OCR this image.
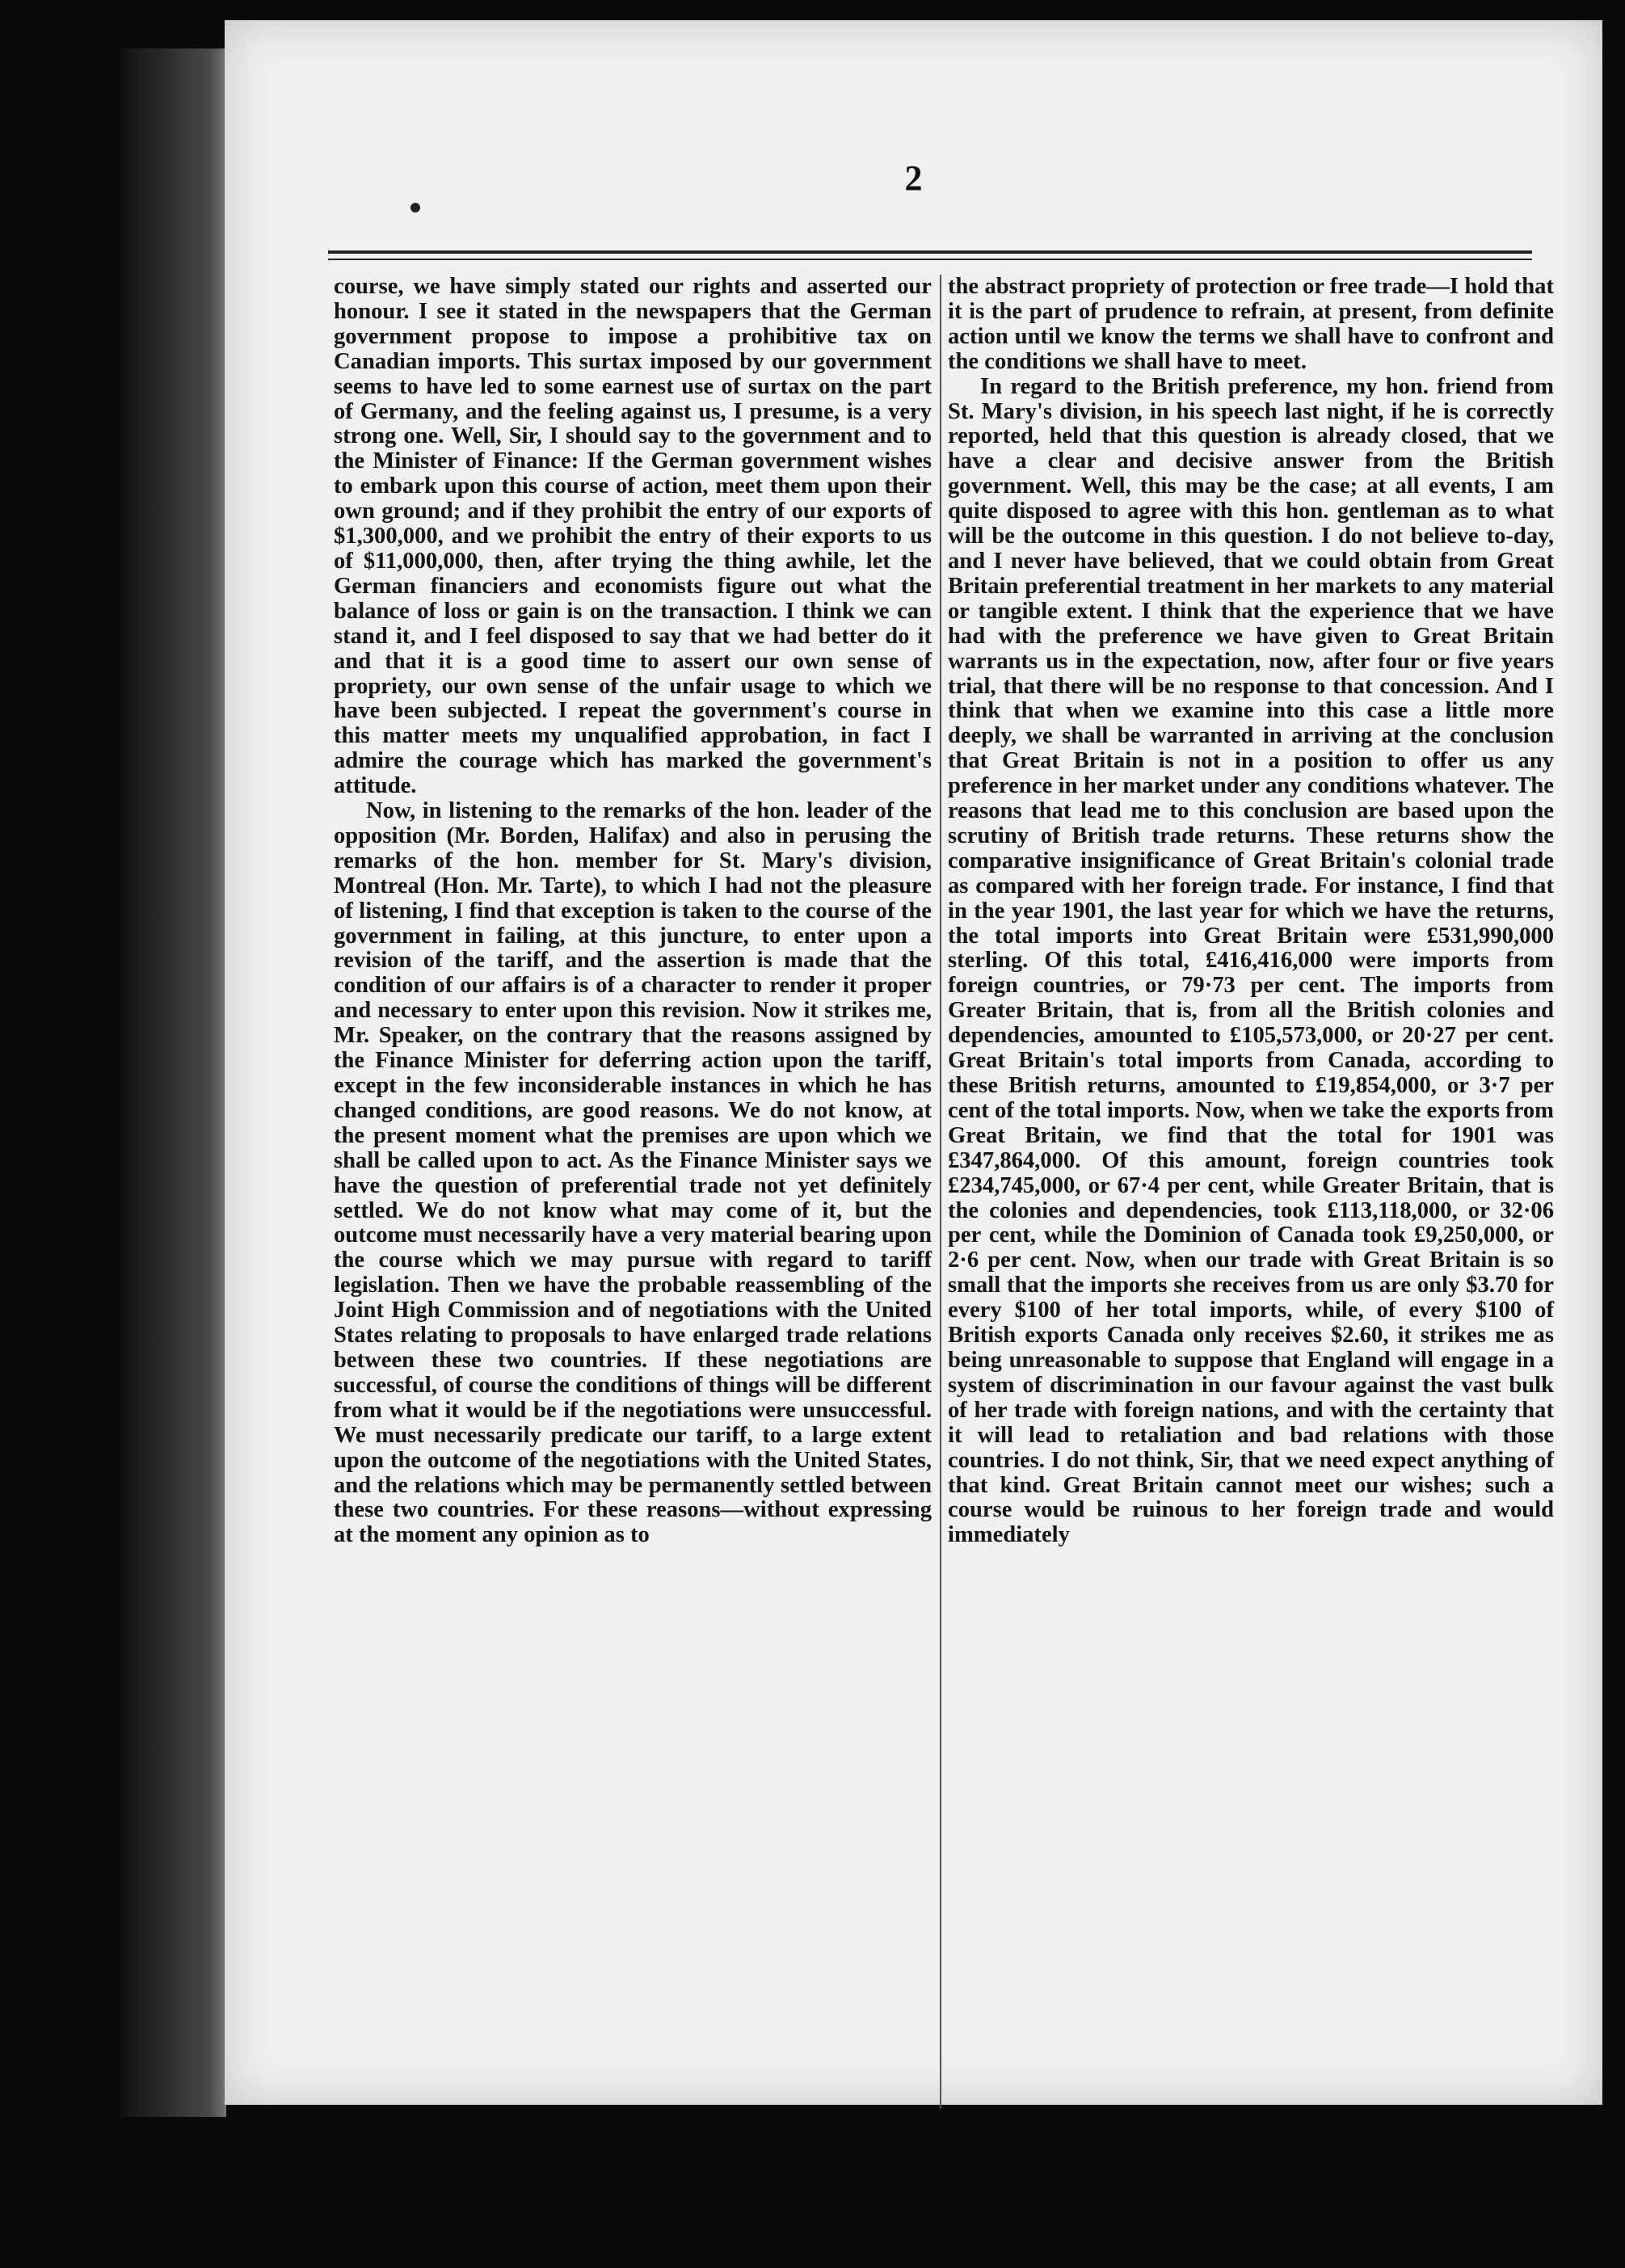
2

course, we have simply stated our rights and asserted our honour. I see it stated in the newspapers that the German government propose to impose a prohibitive tax on Canadian imports. This surtax imposed by our government seems to have led to some earnest use of surtax on the part of Germany, and the feeling against us, I presume, is a very strong one. Well, Sir, I should say to the government and to the Minister of Finance: If the German government wishes to embark upon this course of action, meet them upon their own ground; and if they prohibit the entry of our exports of $1,300,000, and we prohibit the entry of their exports to us of $11,000,000, then, after trying the thing awhile, let the German financiers and economists figure out what the balance of loss or gain is on the transaction. I think we can stand it, and I feel disposed to say that we had better do it and that it is a good time to assert our own sense of propriety, our own sense of the unfair usage to which we have been subjected. I repeat the government's course in this matter meets my unqualified approbation, in fact I admire the courage which has marked the government's attitude.

Now, in listening to the remarks of the hon. leader of the opposition (Mr. Borden, Halifax) and also in perusing the remarks of the hon. member for St. Mary's division, Montreal (Hon. Mr. Tarte), to which I had not the pleasure of listening, I find that exception is taken to the course of the government in failing, at this juncture, to enter upon a revision of the tariff, and the assertion is made that the condition of our affairs is of a character to render it proper and necessary to enter upon this revision. Now it strikes me, Mr. Speaker, on the contrary that the reasons assigned by the Finance Minister for deferring action upon the tariff, except in the few inconsiderable instances in which he has changed conditions, are good reasons. We do not know, at the present moment what the premises are upon which we shall be called upon to act. As the Finance Minister says we have the question of preferential trade not yet definitely settled. We do not know what may come of it, but the outcome must necessarily have a very material bearing upon the course which we may pursue with regard to tariff legislation. Then we have the probable reassembling of the Joint High Commission and of negotiations with the United States relating to proposals to have enlarged trade relations between these two countries. If these negotiations are successful, of course the conditions of things will be different from what it would be if the negotiations were unsuccessful. We must necessarily predicate our tariff, to a large extent upon the outcome of the negotiations with the United States, and the relations which may be permanently settled between these two countries. For these reasons—without expressing at the moment any opinion as to

the abstract propriety of protection or free trade—I hold that it is the part of prudence to refrain, at present, from definite action until we know the terms we shall have to confront and the conditions we shall have to meet.

In regard to the British preference, my hon. friend from St. Mary's division, in his speech last night, if he is correctly reported, held that this question is already closed, that we have a clear and decisive answer from the British government. Well, this may be the case; at all events, I am quite disposed to agree with this hon. gentleman as to what will be the outcome in this question. I do not believe to-day, and I never have believed, that we could obtain from Great Britain preferential treatment in her markets to any material or tangible extent. I think that the experience that we have had with the preference we have given to Great Britain warrants us in the expectation, now, after four or five years trial, that there will be no response to that concession. And I think that when we examine into this case a little more deeply, we shall be warranted in arriving at the conclusion that Great Britain is not in a position to offer us any preference in her market under any conditions whatever. The reasons that lead me to this conclusion are based upon the scrutiny of British trade returns. These returns show the comparative insignificance of Great Britain's colonial trade as compared with her foreign trade. For instance, I find that in the year 1901, the last year for which we have the returns, the total imports into Great Britain were £531,990,000 sterling. Of this total, £416,416,000 were imports from foreign countries, or 79·73 per cent. The imports from Greater Britain, that is, from all the British colonies and dependencies, amounted to £105,573,000, or 20·27 per cent. Great Britain's total imports from Canada, according to these British returns, amounted to £19,854,000, or 3·7 per cent of the total imports. Now, when we take the exports from Great Britain, we find that the total for 1901 was £347,864,000. Of this amount, foreign countries took £234,745,000, or 67·4 per cent, while Greater Britain, that is the colonies and dependencies, took £113,118,000, or 32·06 per cent, while the Dominion of Canada took £9,250,000, or 2·6 per cent. Now, when our trade with Great Britain is so small that the imports she receives from us are only $3.70 for every $100 of her total imports, while, of every $100 of British exports Canada only receives $2.60, it strikes me as being unreasonable to suppose that England will engage in a system of discrimination in our favour against the vast bulk of her trade with foreign nations, and with the certainty that it will lead to retaliation and bad relations with those countries. I do not think, Sir, that we need expect anything of that kind. Great Britain cannot meet our wishes; such a course would be ruinous to her foreign trade and would immediately
